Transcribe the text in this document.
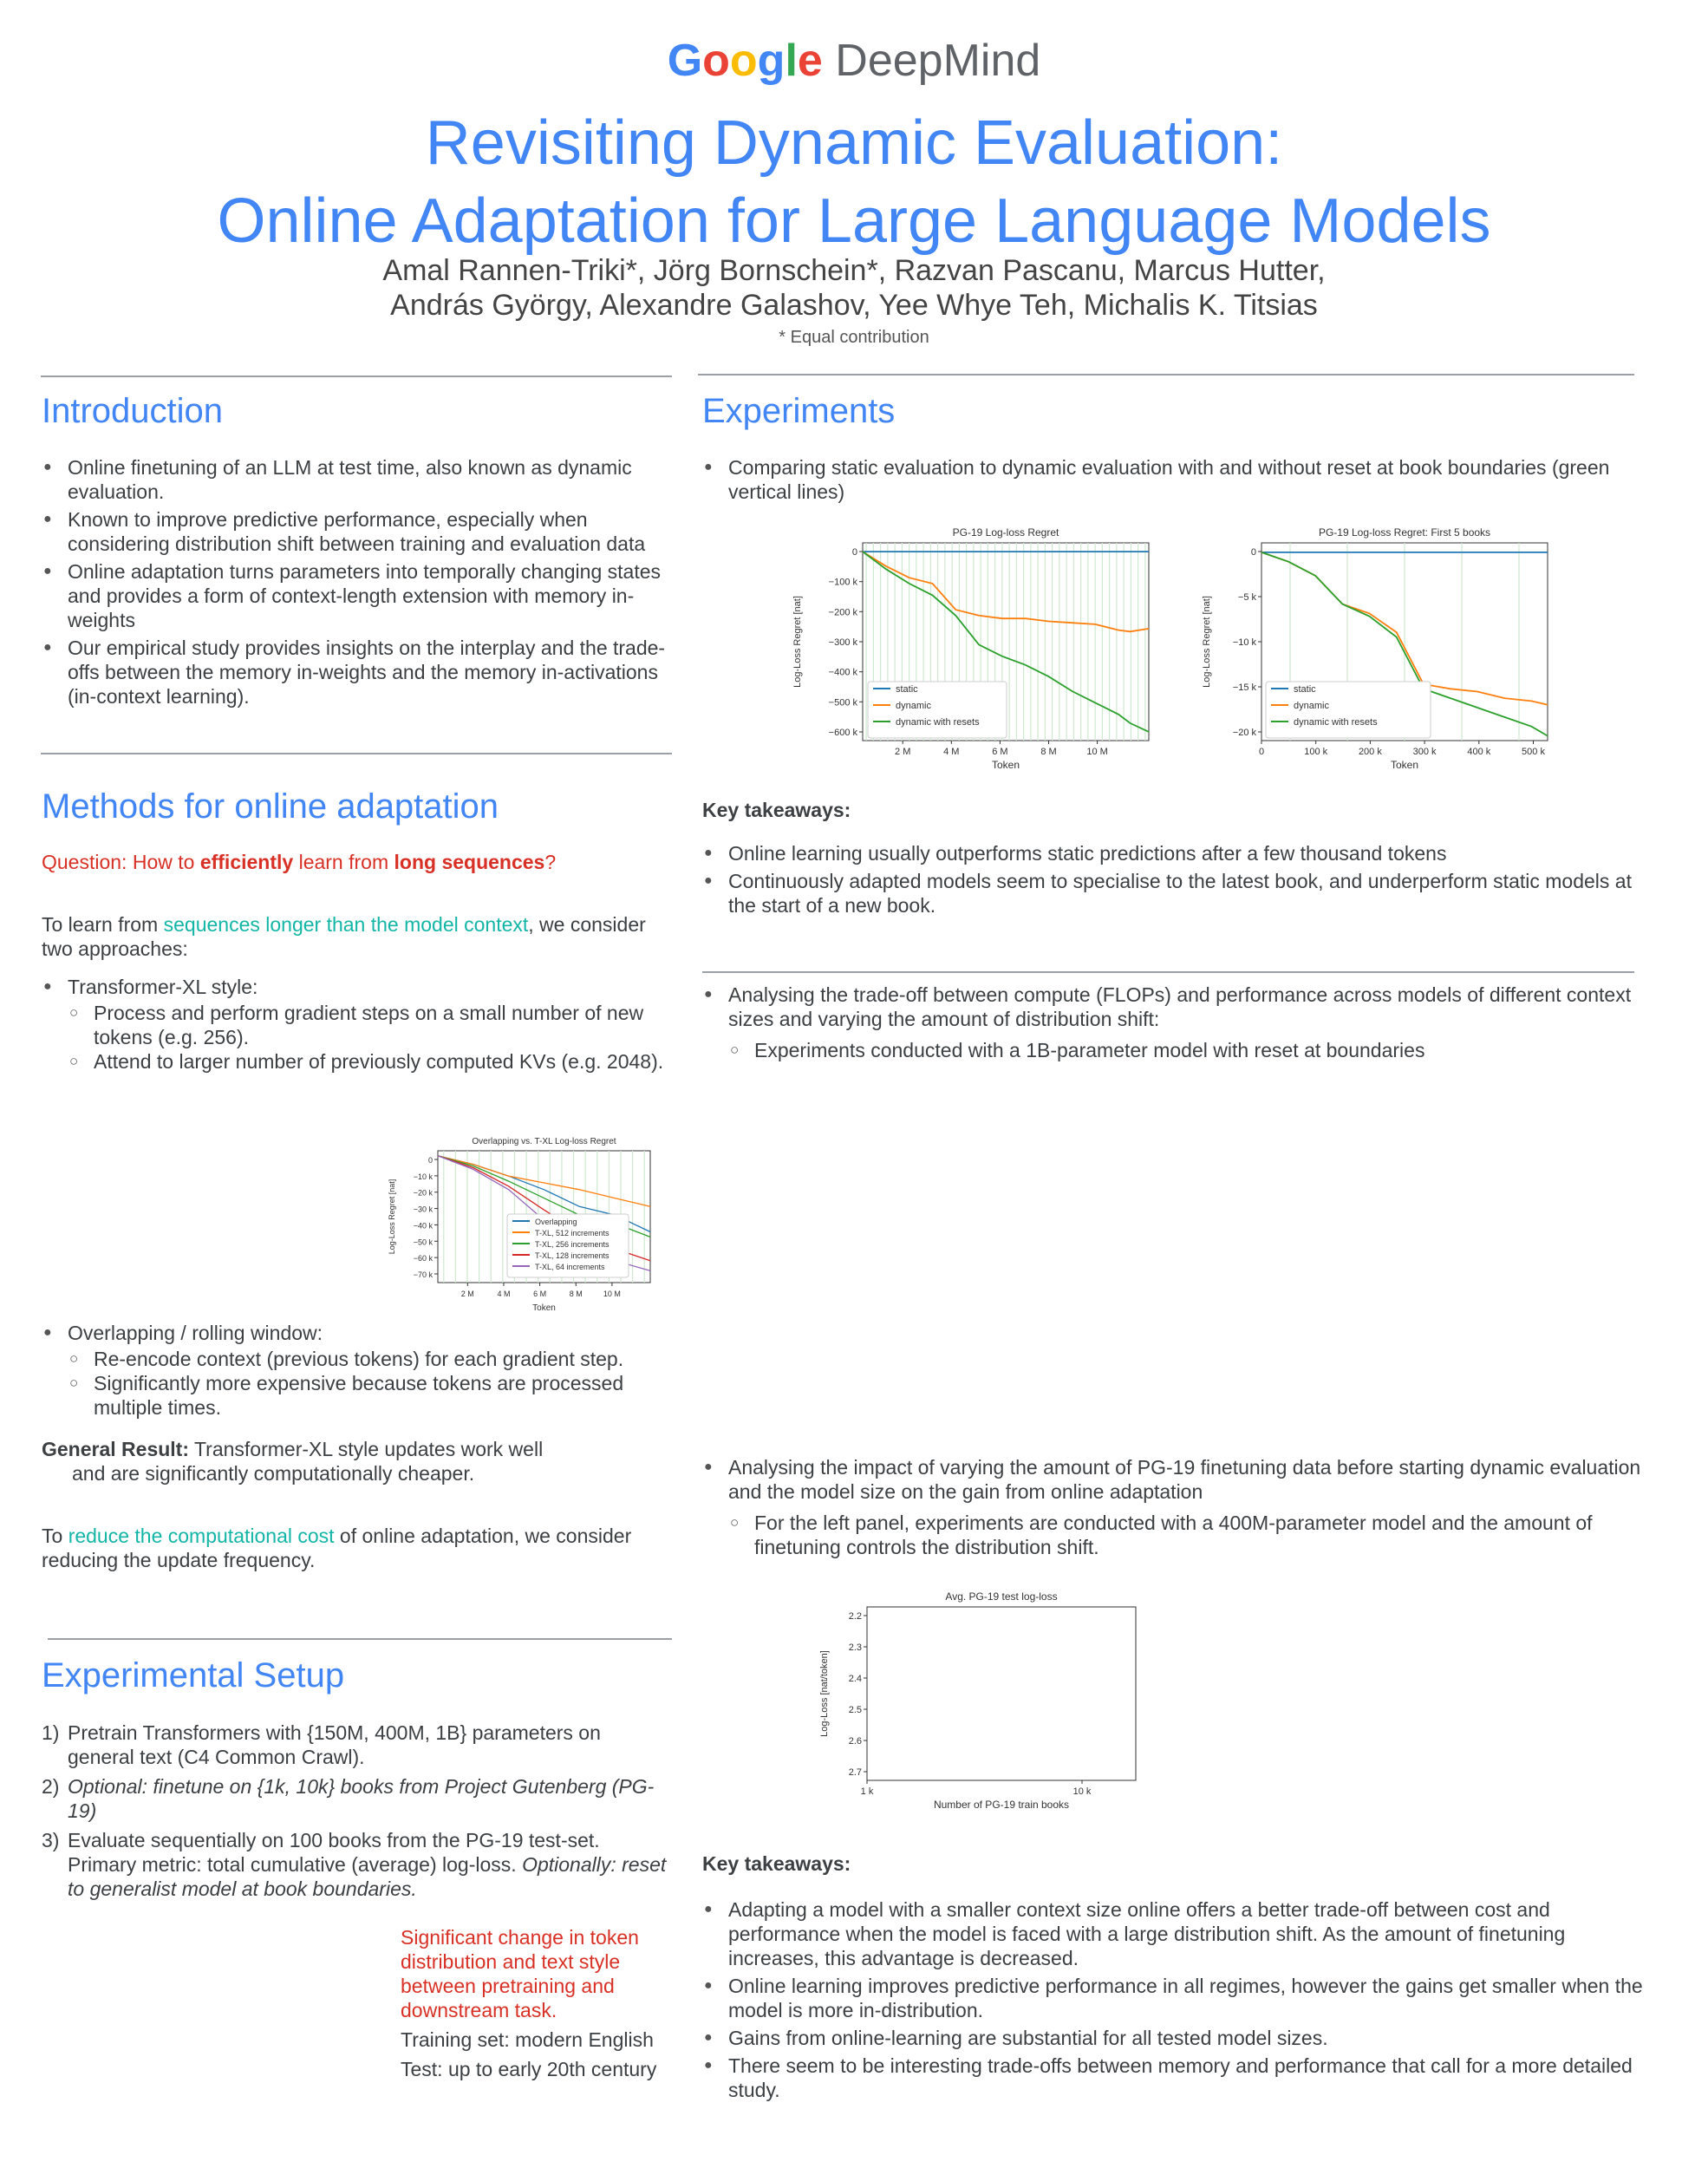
Google DeepMind
Revisiting Dynamic Evaluation:
Online Adaptation for Large Language Models
Amal Rannen-Triki*, Jörg Bornschein*, Razvan Pascanu, Marcus Hutter,
András György, Alexandre Galashov, Yee Whye Teh, Michalis K. Titsias
* Equal contribution
Introduction
● Online finetuning of an LLM at test time, also known as dynamic evaluation.
● Known to improve predictive performance, especially when considering distribution shift between training and evaluation data
● Online adaptation turns parameters into temporally changing states and provides a form of context-length extension with memory in-weights
● Our empirical study provides insights on the interplay and the trade-offs between the memory in-weights and the memory in-activations (in-context learning).
Methods for online adaptation
Question: How to efficiently learn from long sequences?
To learn from sequences longer than the model context, we consider two approaches:
● Transformer-XL style:
○ Process and perform gradient steps on a small number of new tokens (e.g. 256).
○ Attend to larger number of previously computed KVs (e.g. 2048).
Overlapping vs. T-XL Log-loss Regret
0
−10 k
−20 k
−30 k
−40 k
−50 k
−60 k
−70 k
2 M	4 M	6 M	8 M	10 M
Token
Log-Loss Regret [nat]	Overlapping
T-XL, 512 increments
T-XL, 256 increments
T-XL, 128 increments
T-XL, 64 increments
● Overlapping / rolling window:
○ Re-encode context (previous tokens) for each gradient step.
○ Significantly more expensive because tokens are processed multiple times.
General Result: Transformer-XL style updates work well
and are significantly computationally cheaper.
To reduce the computational cost of online adaptation, we consider reducing the update frequency.
Experimental Setup
1) Pretrain Transformers with {150M, 400M, 1B} parameters on general text (C4 Common Crawl).
2) Optional: finetune on {1k, 10k} books from Project Gutenberg (PG-19)
3) Evaluate sequentially on 100 books from the PG-19 test-set. Primary metric: total cumulative (average) log-loss. Optionally: reset to generalist model at book boundaries.
Significant change in token distribution and text style between pretraining and downstream task.
Training set: modern English
Test: up to early 20th century
Experiments
● Comparing static evaluation to dynamic evaluation with and without reset at book boundaries (green vertical lines)
PG-19 Log-loss Regret
0
−100 k
−200 k
−300 k
−400 k
−500 k
−600 k
2 M	4 M	6 M	8 M	10 M
Token
Log-Loss Regret [nat]
static
dynamic
dynamic with resets
PG-19 Log-loss Regret: First 5 books
0
−5 k
−10 k
−15 k
−20 k
0	100 k	200 k	300 k	400 k	500 k
Token
Log-Loss Regret [nat]
static
dynamic
dynamic with resets
Key takeaways:
● Online learning usually outperforms static predictions after a few thousand tokens
● Continuously adapted models seem to specialise to the latest book, and underperform static models at the start of a new book.
● Analysing the trade-off between compute (FLOPs) and performance across models of different context sizes and varying the amount of distribution shift:
○ Experiments conducted with a 1B-parameter model with reset at boundaries
● Analysing the impact of varying the amount of PG-19 finetuning data before starting dynamic evaluation and the model size on the gain from online adaptation
○ For the left panel, experiments are conducted with a 400M-parameter model and the amount of finetuning controls the distribution shift.
Avg. PG-19 test log-loss
2.2
2.3
2.4
2.5
2.6
2.7
1 k	10 k
Number of PG-19 train books
Log-Loss [nat/token]
Key takeaways:
● Adapting a model with a smaller context size online offers a better trade-off between cost and performance when the model is faced with a large distribution shift. As the amount of finetuning increases, this advantage is decreased.
● Online learning improves predictive performance in all regimes, however the gains get smaller when the model is more in-distribution.
● Gains from online-learning are substantial for all tested model sizes.
● There seem to be interesting trade-offs between memory and performance that call for a more detailed study.
